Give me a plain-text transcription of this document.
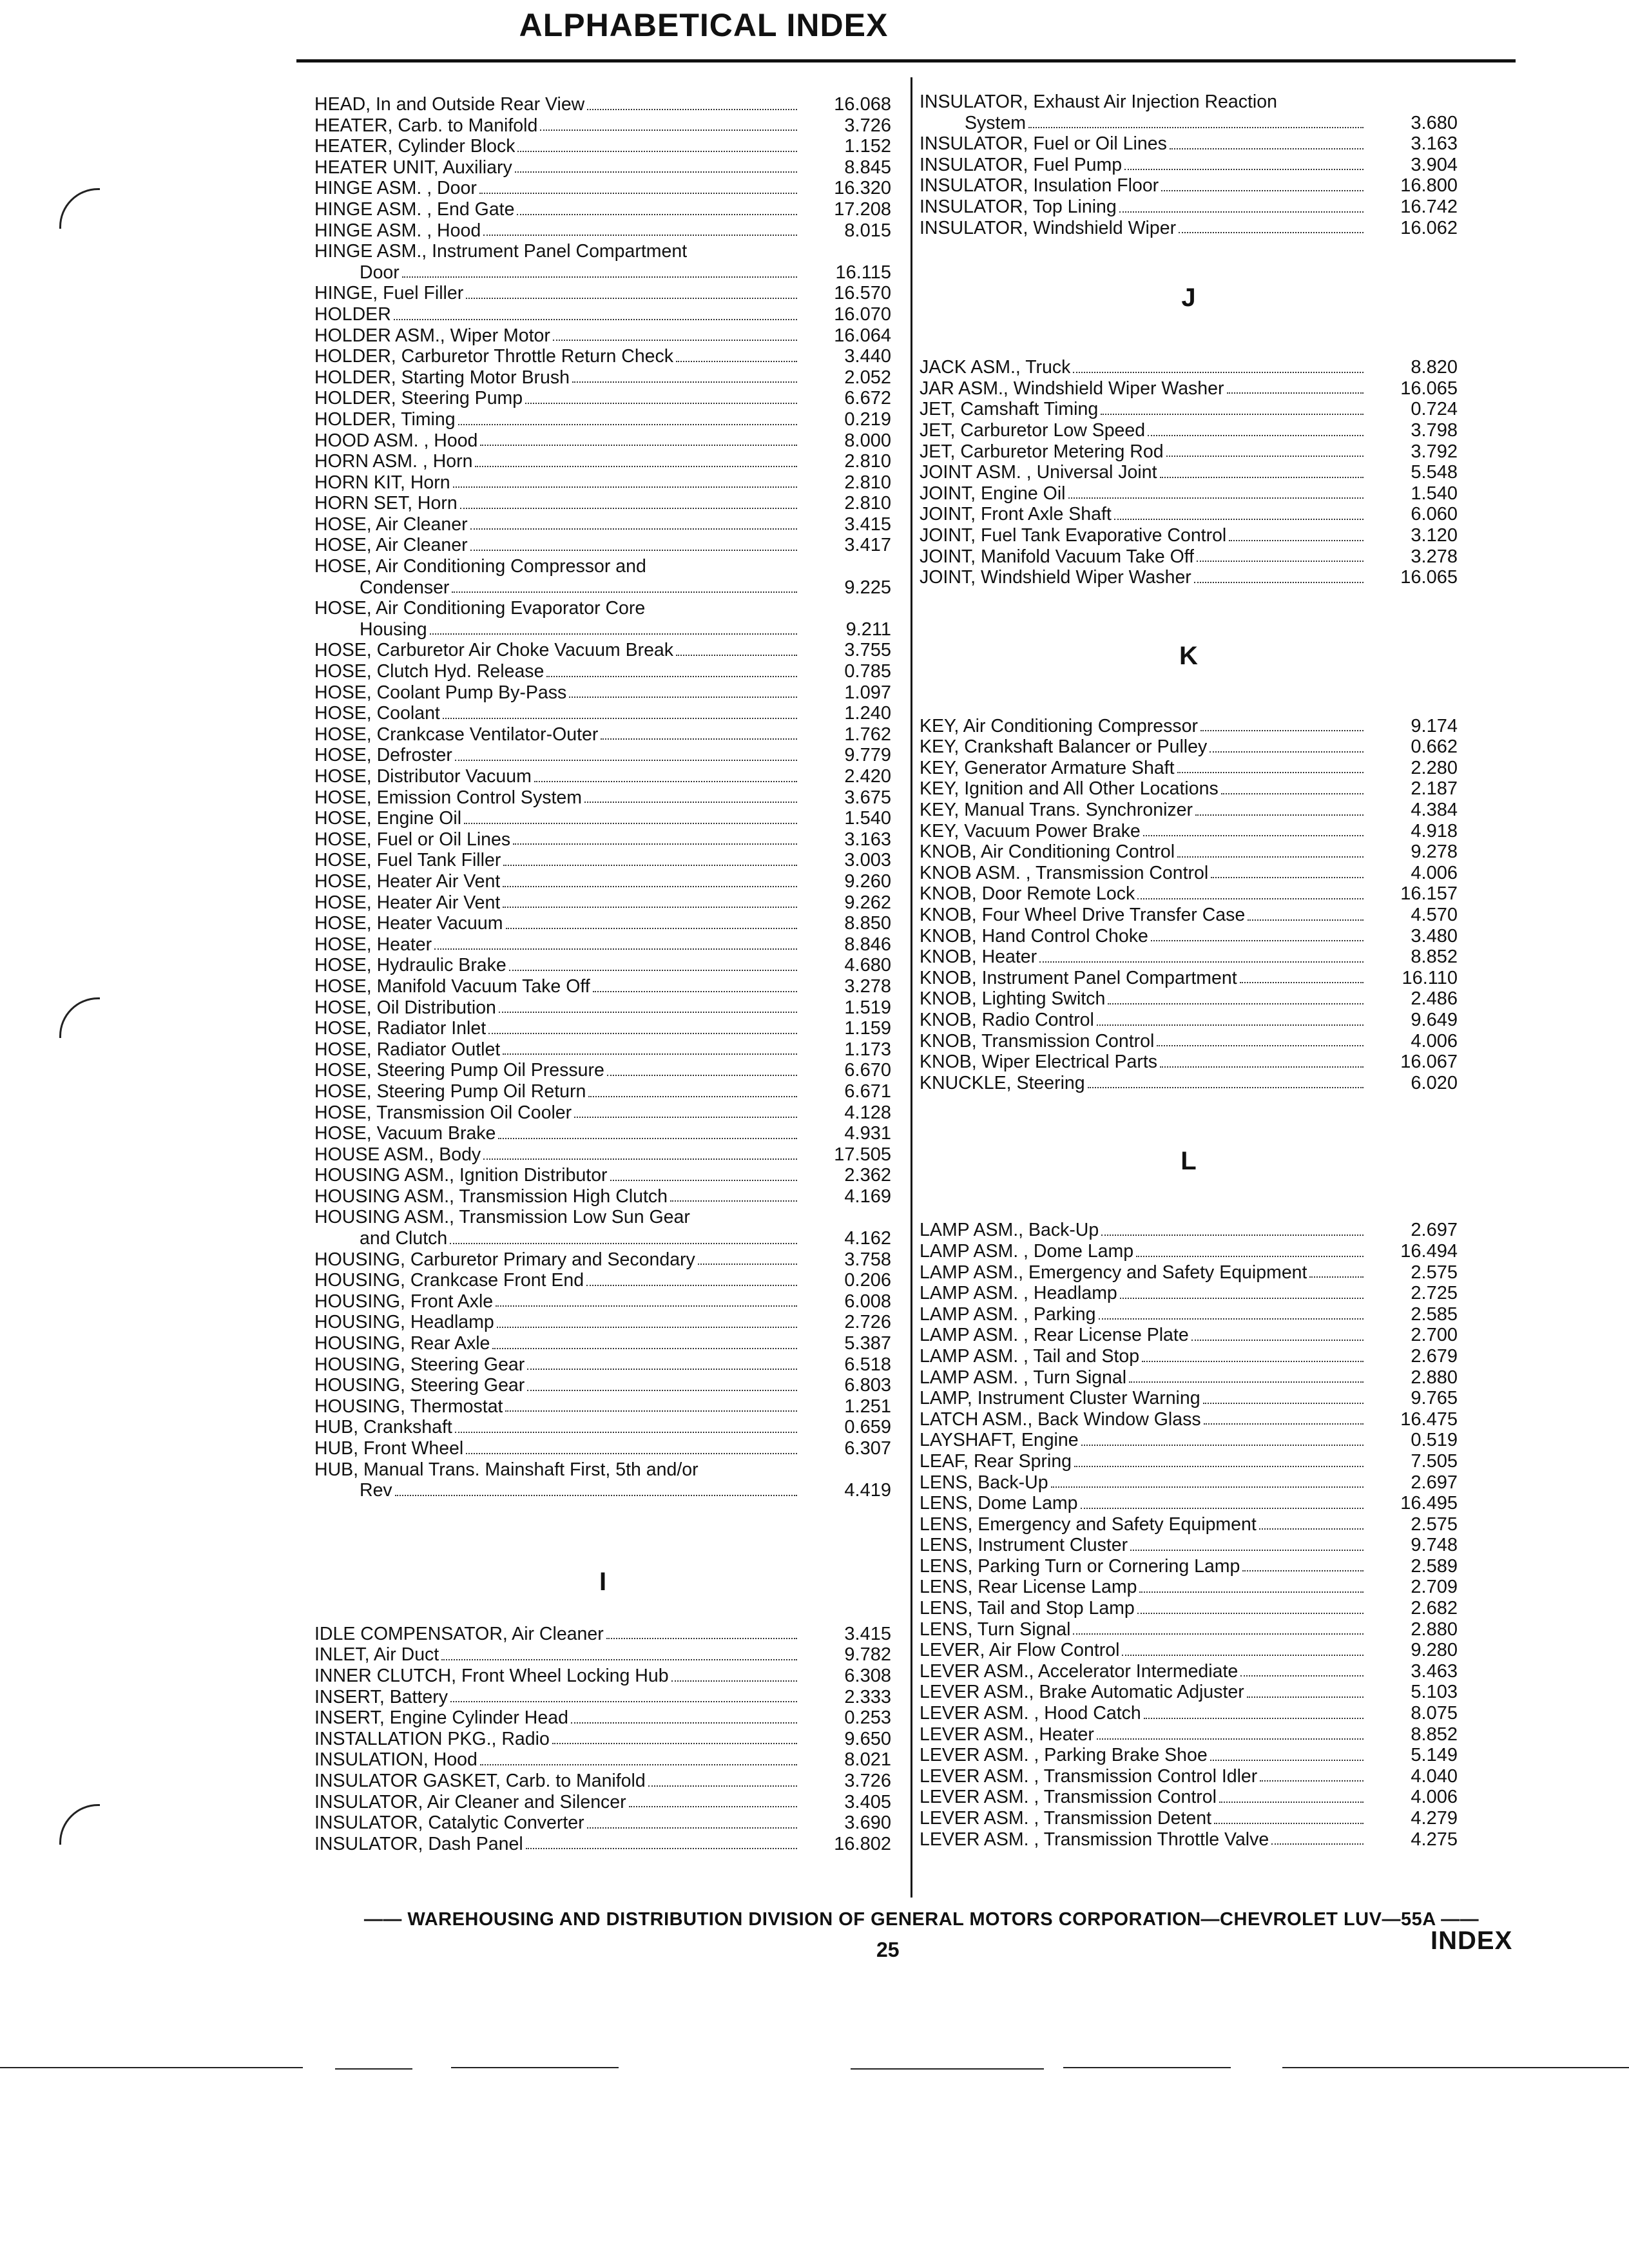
ALPHABETICAL INDEX
HEAD, In and Outside Rear View	16.068
HEATER, Carb. to Manifold	3.726
HEATER, Cylinder Block	1.152
HEATER UNIT, Auxiliary	8.845
HINGE ASM. , Door	16.320
HINGE ASM. , End Gate	17.208
HINGE ASM. , Hood	8.015
HINGE ASM., Instrument Panel Compartment
Door	16.115
HINGE, Fuel Filler	16.570
HOLDER	16.070
HOLDER ASM., Wiper Motor	16.064
HOLDER, Carburetor Throttle Return Check	3.440
HOLDER, Starting Motor Brush	2.052
HOLDER, Steering Pump	6.672
HOLDER, Timing	0.219
HOOD ASM. , Hood	8.000
HORN ASM. , Horn	2.810
HORN KIT, Horn	2.810
HORN SET, Horn	2.810
HOSE, Air Cleaner	3.415
HOSE, Air Cleaner	3.417
HOSE, Air Conditioning Compressor and
Condenser	9.225
HOSE, Air Conditioning Evaporator Core
Housing	9.211
HOSE, Carburetor Air Choke Vacuum Break	3.755
HOSE, Clutch Hyd. Release	0.785
HOSE, Coolant Pump By-Pass	1.097
HOSE, Coolant	1.240
HOSE, Crankcase Ventilator-Outer	1.762
HOSE, Defroster	9.779
HOSE, Distributor Vacuum	2.420
HOSE, Emission Control System	3.675
HOSE, Engine Oil	1.540
HOSE, Fuel or Oil Lines	3.163
HOSE, Fuel Tank Filler	3.003
HOSE, Heater Air Vent	9.260
HOSE, Heater Air Vent	9.262
HOSE, Heater Vacuum	8.850
HOSE, Heater	8.846
HOSE, Hydraulic Brake	4.680
HOSE, Manifold Vacuum Take Off	3.278
HOSE, Oil Distribution	1.519
HOSE, Radiator Inlet	1.159
HOSE, Radiator Outlet	1.173
HOSE, Steering Pump Oil Pressure	6.670
HOSE, Steering Pump Oil Return	6.671
HOSE, Transmission Oil Cooler	4.128
HOSE, Vacuum Brake	4.931
HOUSE ASM., Body	17.505
HOUSING ASM., Ignition Distributor	2.362
HOUSING ASM., Transmission High Clutch	4.169
HOUSING ASM., Transmission Low Sun Gear
and Clutch	4.162
HOUSING, Carburetor Primary and Secondary	3.758
HOUSING, Crankcase Front End	0.206
HOUSING, Front Axle	6.008
HOUSING, Headlamp	2.726
HOUSING, Rear Axle	5.387
HOUSING, Steering Gear	6.518
HOUSING, Steering Gear	6.803
HOUSING, Thermostat	1.251
HUB, Crankshaft	0.659
HUB, Front Wheel	6.307
HUB, Manual Trans. Mainshaft First, 5th and/or
Rev	4.419
I
IDLE COMPENSATOR, Air Cleaner	3.415
INLET, Air Duct	9.782
INNER CLUTCH, Front Wheel Locking Hub	6.308
INSERT, Battery	2.333
INSERT, Engine Cylinder Head	0.253
INSTALLATION PKG., Radio	9.650
INSULATION, Hood	8.021
INSULATOR GASKET, Carb. to Manifold	3.726
INSULATOR, Air Cleaner and Silencer	3.405
INSULATOR, Catalytic Converter	3.690
INSULATOR, Dash Panel	16.802
INSULATOR, Exhaust Air Injection Reaction
System	3.680
INSULATOR, Fuel or Oil Lines	3.163
INSULATOR, Fuel Pump	3.904
INSULATOR, Insulation Floor	16.800
INSULATOR, Top Lining	16.742
INSULATOR, Windshield Wiper	16.062
J
JACK ASM., Truck	8.820
JAR ASM., Windshield Wiper Washer	16.065
JET, Camshaft Timing	0.724
JET, Carburetor Low Speed	3.798
JET, Carburetor Metering Rod	3.792
JOINT ASM. , Universal Joint	5.548
JOINT, Engine Oil	1.540
JOINT, Front Axle Shaft	6.060
JOINT, Fuel Tank Evaporative Control	3.120
JOINT, Manifold Vacuum Take Off	3.278
JOINT, Windshield Wiper Washer	16.065
K
KEY, Air Conditioning Compressor	9.174
KEY, Crankshaft Balancer or Pulley	0.662
KEY, Generator Armature Shaft	2.280
KEY, Ignition and All Other Locations	2.187
KEY, Manual Trans. Synchronizer	4.384
KEY, Vacuum Power Brake	4.918
KNOB, Air Conditioning Control	9.278
KNOB ASM. , Transmission Control	4.006
KNOB, Door Remote Lock	16.157
KNOB, Four Wheel Drive Transfer Case	4.570
KNOB, Hand Control Choke	3.480
KNOB, Heater	8.852
KNOB, Instrument Panel Compartment	16.110
KNOB, Lighting Switch	2.486
KNOB, Radio Control	9.649
KNOB, Transmission Control	4.006
KNOB, Wiper Electrical Parts	16.067
KNUCKLE, Steering	6.020
L
LAMP ASM., Back-Up	2.697
LAMP ASM. , Dome Lamp	16.494
LAMP ASM., Emergency and Safety Equipment	2.575
LAMP ASM. , Headlamp	2.725
LAMP ASM. , Parking	2.585
LAMP ASM. , Rear License Plate	2.700
LAMP ASM. , Tail and Stop	2.679
LAMP ASM. , Turn Signal	2.880
LAMP, Instrument Cluster Warning	9.765
LATCH ASM., Back Window Glass	16.475
LAYSHAFT, Engine	0.519
LEAF, Rear Spring	7.505
LENS, Back-Up	2.697
LENS, Dome Lamp	16.495
LENS, Emergency and Safety Equipment	2.575
LENS, Instrument Cluster	9.748
LENS, Parking Turn or Cornering Lamp	2.589
LENS, Rear License Lamp	2.709
LENS, Tail and Stop Lamp	2.682
LENS, Turn Signal	2.880
LEVER, Air Flow Control	9.280
LEVER ASM., Accelerator Intermediate	3.463
LEVER ASM., Brake Automatic Adjuster	5.103
LEVER ASM. , Hood Catch	8.075
LEVER ASM., Heater	8.852
LEVER ASM. , Parking Brake Shoe	5.149
LEVER ASM. , Transmission Control Idler	4.040
LEVER ASM. , Transmission Control	4.006
LEVER ASM. , Transmission Detent	4.279
LEVER ASM. , Transmission Throttle Valve	4.275
—— WAREHOUSING AND DISTRIBUTION DIVISION OF GENERAL MOTORS CORPORATION—CHEVROLET LUV—55A ——
25	INDEX
